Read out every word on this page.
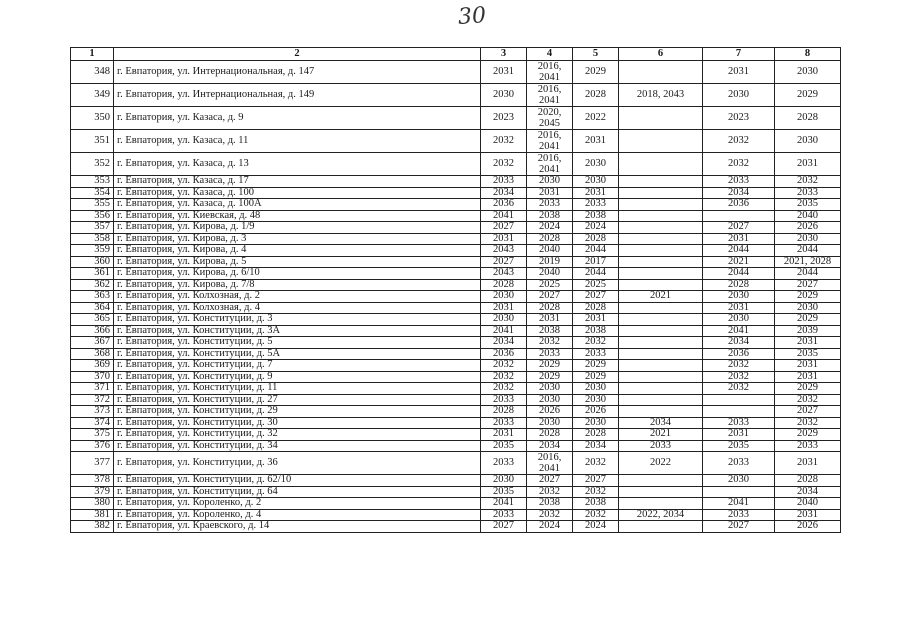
30
1	2	3	4	5	6	7	8
348	г. Евпатория, ул. Интернациональная, д. 147	2031	2016, 2041	2029		2031	2030
349	г. Евпатория, ул. Интернациональная, д. 149	2030	2016, 2041	2028	2018, 2043	2030	2029
350	г. Евпатория, ул. Казаса, д. 9	2023	2020, 2045	2022		2023	2028
351	г. Евпатория, ул. Казаса, д. 11	2032	2016, 2041	2031		2032	2030
352	г. Евпатория, ул. Казаса, д. 13	2032	2016, 2041	2030		2032	2031
353	г. Евпатория, ул. Казаса, д. 17	2033	2030	2030		2033	2032
354	г. Евпатория, ул. Казаса, д. 100	2034	2031	2031		2034	2033
355	г. Евпатория, ул. Казаса, д. 100А	2036	2033	2033		2036	2035
356	г. Евпатория, ул. Киевская, д. 48	2041	2038	2038			2040
357	г. Евпатория, ул. Кирова, д. 1/9	2027	2024	2024		2027	2026
358	г. Евпатория, ул. Кирова, д. 3	2031	2028	2028		2031	2030
359	г. Евпатория, ул. Кирова, д. 4	2043	2040	2044		2044	2044
360	г. Евпатория, ул. Кирова, д. 5	2027	2019	2017		2021	2021, 2028
361	г. Евпатория, ул. Кирова, д. 6/10	2043	2040	2044		2044	2044
362	г. Евпатория, ул. Кирова, д. 7/8	2028	2025	2025		2028	2027
363	г. Евпатория, ул. Колхозная, д. 2	2030	2027	2027	2021	2030	2029
364	г. Евпатория, ул. Колхозная, д. 4	2031	2028	2028		2031	2030
365	г. Евпатория, ул. Конституции, д. 3	2030	2031	2031		2030	2029
366	г. Евпатория, ул. Конституции, д. 3А	2041	2038	2038		2041	2039
367	г. Евпатория, ул. Конституции, д. 5	2034	2032	2032		2034	2031
368	г. Евпатория, ул. Конституции, д. 5А	2036	2033	2033		2036	2035
369	г. Евпатория, ул. Конституции, д. 7	2032	2029	2029		2032	2031
370	г. Евпатория, ул. Конституции, д. 9	2032	2029	2029		2032	2031
371	г. Евпатория, ул. Конституции, д. 11	2032	2030	2030		2032	2029
372	г. Евпатория, ул. Конституции, д. 27	2033	2030	2030			2032
373	г. Евпатория, ул. Конституции, д. 29	2028	2026	2026			2027
374	г. Евпатория, ул. Конституции, д. 30	2033	2030	2030	2034	2033	2032
375	г. Евпатория, ул. Конституции, д. 32	2031	2028	2028	2021	2031	2029
376	г. Евпатория, ул. Конституции, д. 34	2035	2034	2034	2033	2035	2033
377	г. Евпатория, ул. Конституции, д. 36	2033	2016, 2041	2032	2022	2033	2031
378	г. Евпатория, ул. Конституции, д. 62/10	2030	2027	2027		2030	2028
379	г. Евпатория, ул. Конституции, д. 64	2035	2032	2032			2034
380	г. Евпатория, ул. Короленко, д. 2	2041	2038	2038		2041	2040
381	г. Евпатория, ул. Короленко, д. 4	2033	2032	2032	2022, 2034	2033	2031
382	г. Евпатория, ул. Краевского, д. 14	2027	2024	2024		2027	2026
